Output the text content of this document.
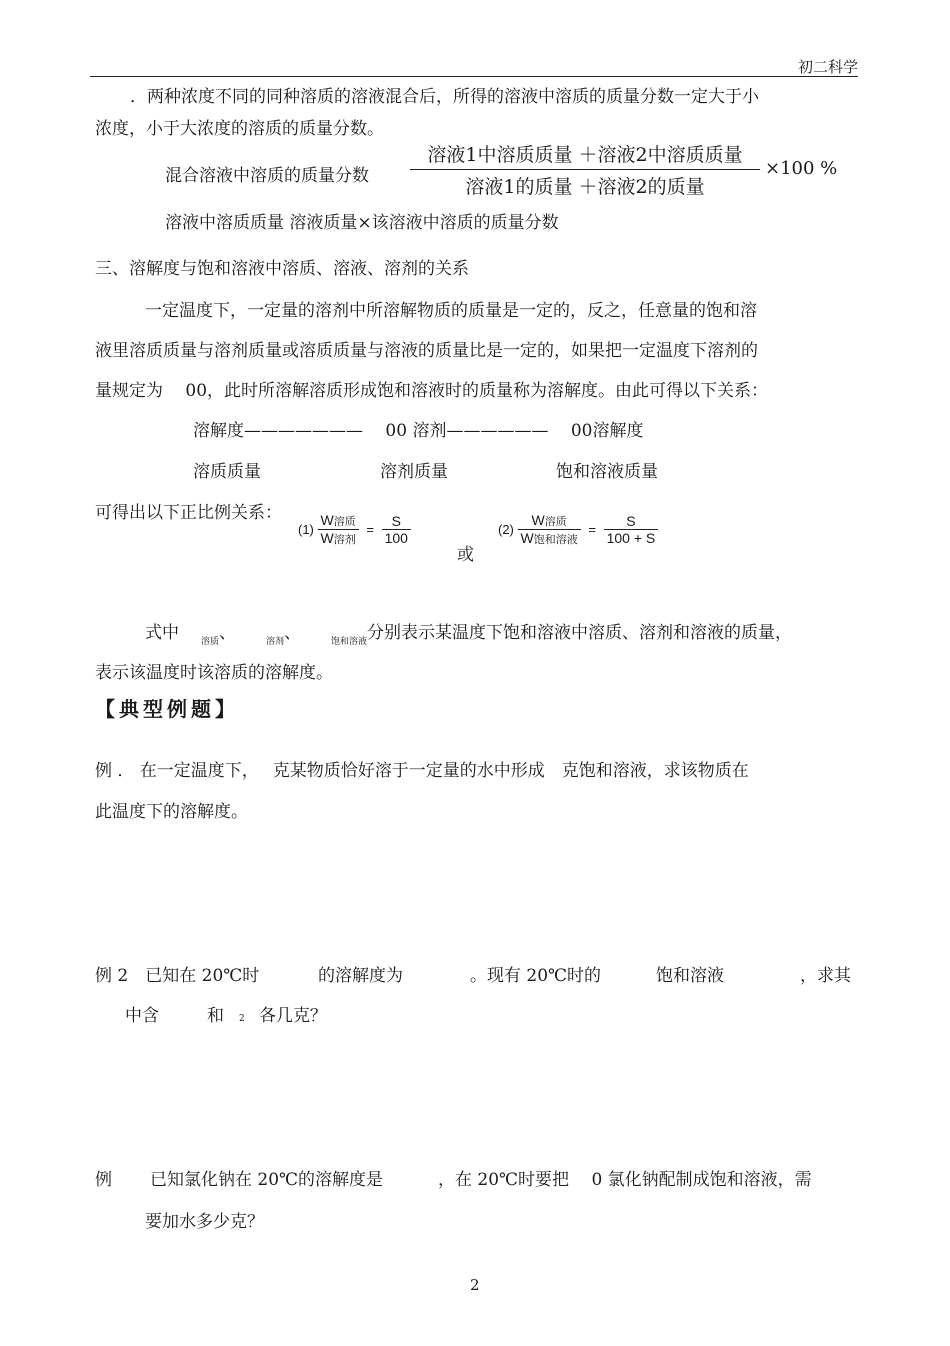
初二科学
．两种浓度不同的同种溶质的溶液混合后，所得的溶液中溶质的质量分数一定大于小
浓度，小于大浓度的溶质的质量分数。
混合溶液中溶质的质量分数
溶液1中溶质质量 ＋溶液2中溶质质量
溶液1的质量 ＋溶液2的质量
×100 %
溶液中溶质质量 溶液质量×该溶液中溶质的质量分数
三、溶解度与饱和溶液中溶质、溶液、溶剂的关系
一定温度下，一定量的溶剂中所溶解物质的质量是一定的，反之，任意量的饱和溶
液里溶质质量与溶剂质量或溶质质量与溶液的质量比是一定的，如果把一定温度下溶剂的
量规定为　 00，此时所溶解溶质形成饱和溶液时的质量称为溶解度。由此可得以下关系：
溶解度———————　 00 溶剂——————　 00溶解度
溶质质量	溶剂质量	饱和溶液质量
可得出以下正比例关系：
$(1) \frac{\text{W溶质}}{\text{W溶剂}} = \frac{S}{100}$
或
$(2) \frac{\text{W溶质}}{\text{W饱和溶液}} = \frac{S}{100 + S}$
式中 $_{溶质}$、	$_{溶剂}$、	$_{饱和溶液}$分别表示某温度下饱和溶液中溶质、溶剂和溶液的质量，
表示该温度时该溶质的溶解度。
【典型例题】
例 ． 在一定温度下，　 克某物质恰好溶于一定量的水中形成　克饱和溶液，求该物质在
此温度下的溶解度。
例 2　已知在 20℃时	的溶解度为	。现有 20℃时的	饱和溶液	，求其
中含	和 2 各几克？
例 已知氯化钠在 20℃的溶解度是	，在 20℃时要把　 0 氯化钠配制成饱和溶液，需
要加水多少克？
2
